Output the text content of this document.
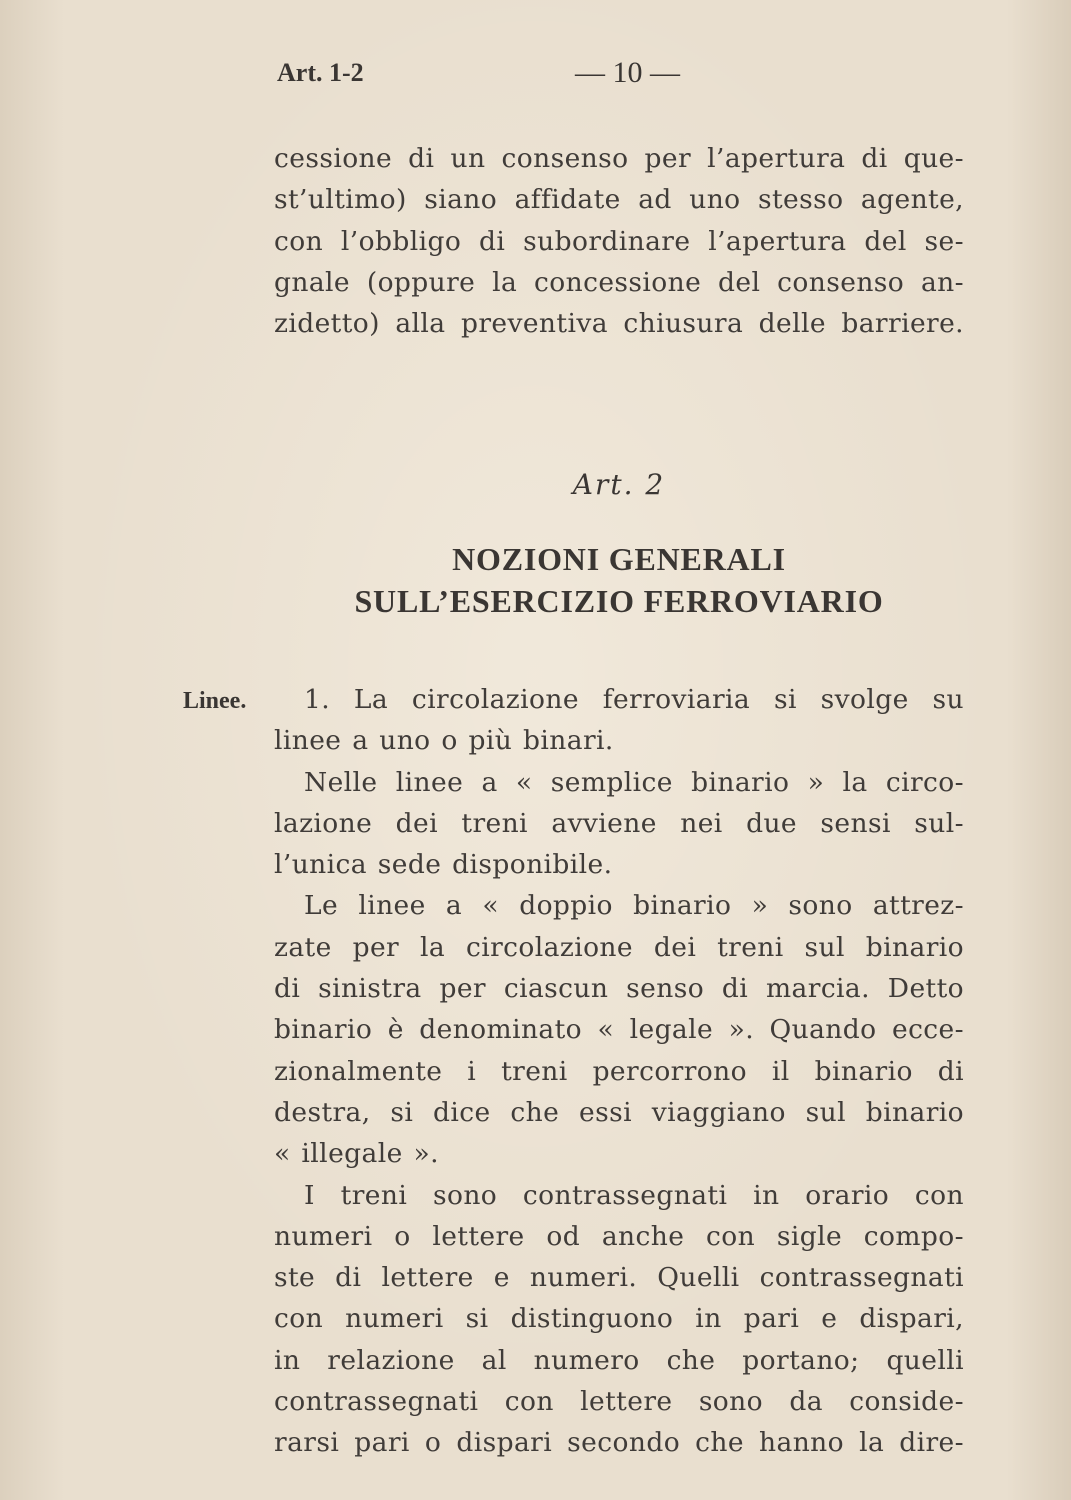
Art. 1-2	— 10 —
cessione di un consenso per l’apertura di que-
st’ultimo) siano affidate ad uno stesso agente,
con l’obbligo di subordinare l’apertura del se-
gnale (oppure la concessione del consenso an-
zidetto) alla preventiva chiusura delle barriere.
Art. 2
NOZIONI GENERALI
SULL’ESERCIZIO FERROVIARIO
Linee.	1. La circolazione ferroviaria si svolge su
linee a uno o più binari.
Nelle linee a « semplice binario » la circo-
lazione dei treni avviene nei due sensi sul-
l’unica sede disponibile.
Le linee a « doppio binario » sono attrez-
zate per la circolazione dei treni sul binario
di sinistra per ciascun senso di marcia. Detto
binario è denominato « legale ». Quando ecce-
zionalmente i treni percorrono il binario di
destra, si dice che essi viaggiano sul binario
« illegale ».
I treni sono contrassegnati in orario con
numeri o lettere od anche con sigle compo-
ste di lettere e numeri. Quelli contrassegnati
con numeri si distinguono in pari e dispari,
in relazione al numero che portano; quelli
contrassegnati con lettere sono da conside-
rarsi pari o dispari secondo che hanno la dire-
